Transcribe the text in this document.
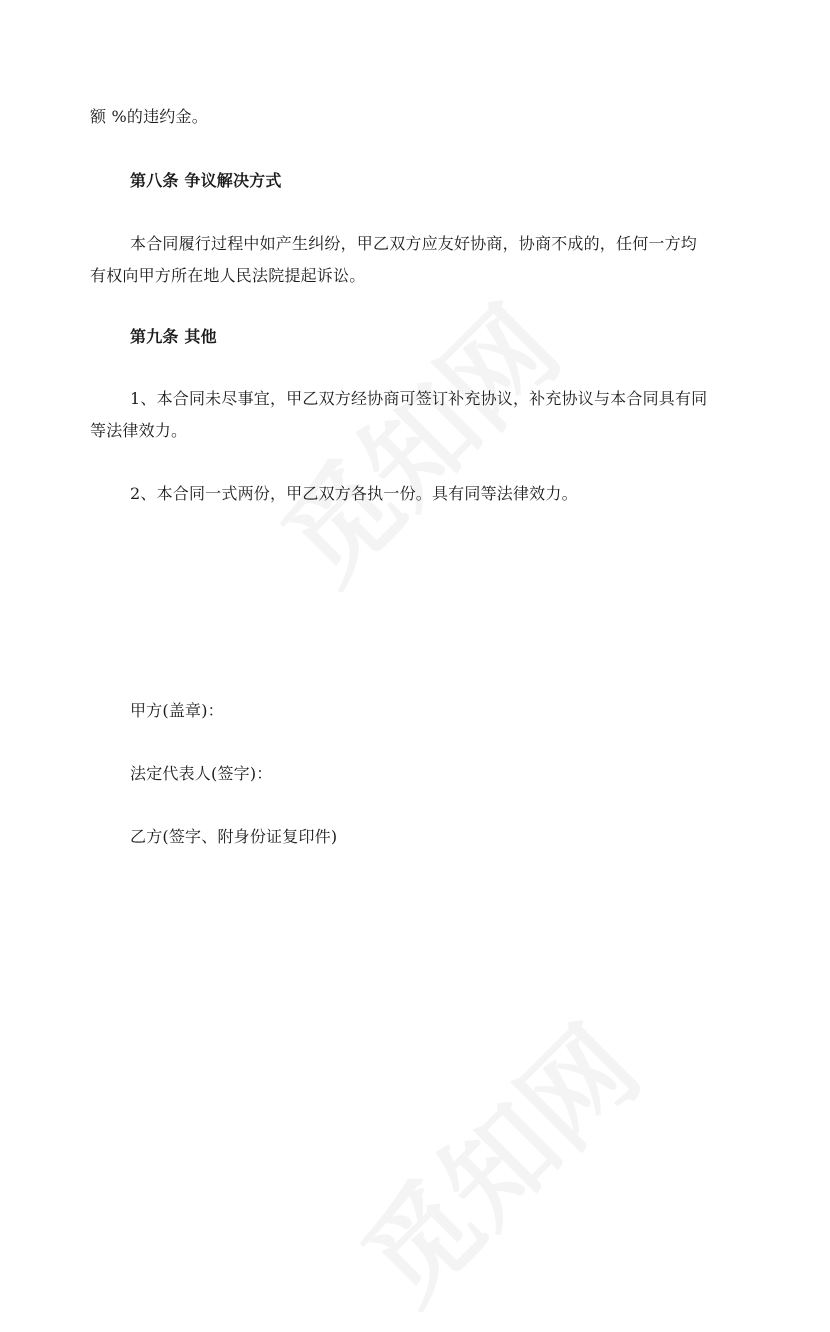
额 %的违约金。
第八条 争议解决方式
本合同履行过程中如产生纠纷，甲乙双方应友好协商，协商不成的，任何一方均
有权向甲方所在地人民法院提起诉讼。
第九条 其他
1、本合同未尽事宜，甲乙双方经协商可签订补充协议，补充协议与本合同具有同
等法律效力。
2、本合同一式两份，甲乙双方各执一份。具有同等法律效力。
甲方(盖章)：
法定代表人(签字)：
乙方(签字、附身份证复印件)
